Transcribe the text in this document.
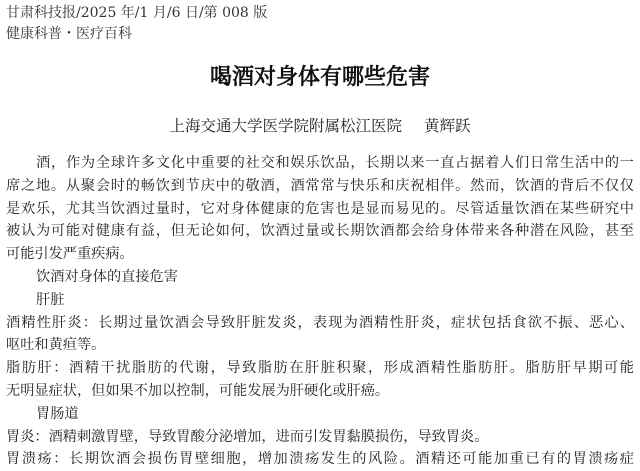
甘肃科技报/2025 年/1 月/6 日/第 008 版
健康科普・医疗百科
喝酒对身体有哪些危害
上海交通大学医学院附属松江医院 黄辉跃
酒，作为全球许多文化中重要的社交和娱乐饮品，长期以来一直占据着人们日常生活中的一
席之地。从聚会时的畅饮到节庆中的敬酒，酒常常与快乐和庆祝相伴。然而，饮酒的背后不仅仅
是欢乐，尤其当饮酒过量时，它对身体健康的危害也是显而易见的。尽管适量饮酒在某些研究中
被认为可能对健康有益，但无论如何，饮酒过量或长期饮酒都会给身体带来各种潜在风险，甚至
可能引发严重疾病。
饮酒对身体的直接危害
肝脏
酒精性肝炎：长期过量饮酒会导致肝脏发炎，表现为酒精性肝炎，症状包括食欲不振、恶心、
呕吐和黄疸等。
脂肪肝：酒精干扰脂肪的代谢，导致脂肪在肝脏积聚，形成酒精性脂肪肝。脂肪肝早期可能
无明显症状，但如果不加以控制，可能发展为肝硬化或肝癌。
胃肠道
胃炎：酒精刺激胃壁，导致胃酸分泌增加，进而引发胃黏膜损伤，导致胃炎。
胃溃疡：长期饮酒会损伤胃壁细胞，增加溃疡发生的风险。酒精还可能加重已有的胃溃疡症
